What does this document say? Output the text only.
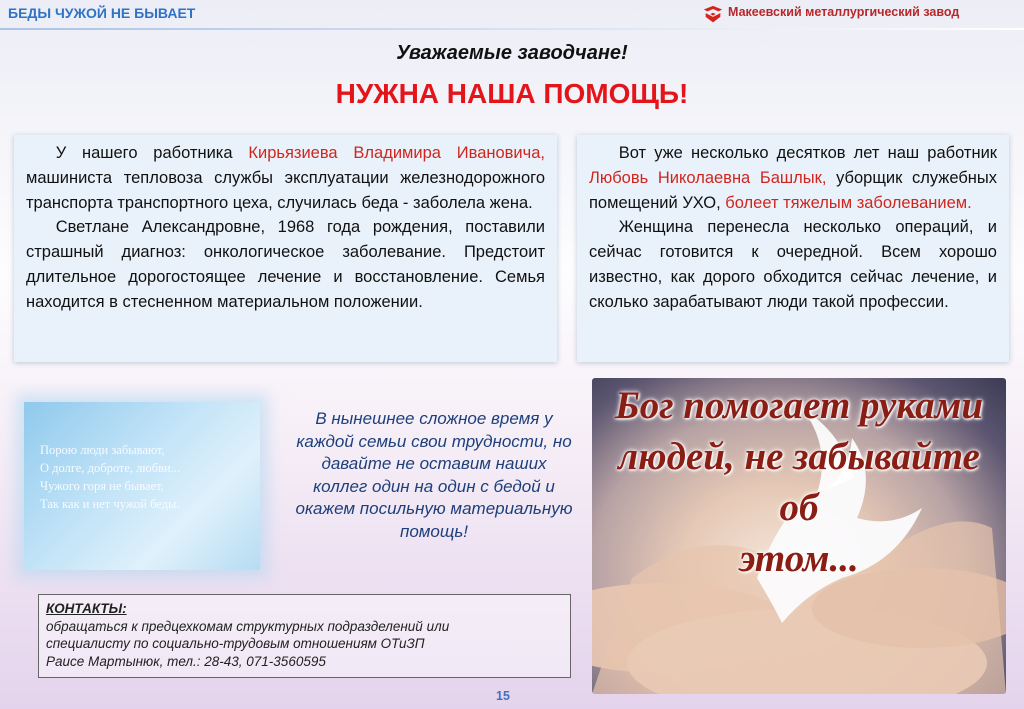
БЕДЫ ЧУЖОЙ НЕ БЫВАЕТ	Макеевский металлургический завод
Уважаемые заводчане!
НУЖНА НАША ПОМОЩЬ!

У нашего работника Кирьязиева Владимира Ивановича, машиниста тепловоза службы эксплуатации железнодорожного транспорта транспортного цеха, случилась беда - заболела жена.

Светлане Александровне, 1968 года рождения, поставили страшный диагноз: онкологическое заболевание. Предстоит длительное дорогостоящее лечение и восстановление. Семья находится в стесненном материальном положении.

Вот уже несколько десятков лет наш работник Любовь Николаевна Башлык, уборщик служебных помещений УХО, болеет тяжелым заболеванием.

Женщина перенесла несколько операций, и сейчас готовится к очередной. Всем хорошо известно, как дорого обходится сейчас лечение, и сколько зарабатывают люди такой профессии.

Порою люди забывают,
О долге, доброте, любви...
Чужого горя не бывает,
Так как и нет чужой беды.
В нынешнее сложное время у каждой семьи свои трудности, но давайте не оставим наших коллег один на один с бедой и окажем посильную материальную помощь!
КОНТАКТЫ:
обращаться к предцехкомам структурных подразделений или
специалисту по социально-трудовым отношениям ОТиЗП
Раисе Мартынюк, тел.: 28-43, 071-3560595
Бог помогает руками
людей, не забывайте об
этом...
15
